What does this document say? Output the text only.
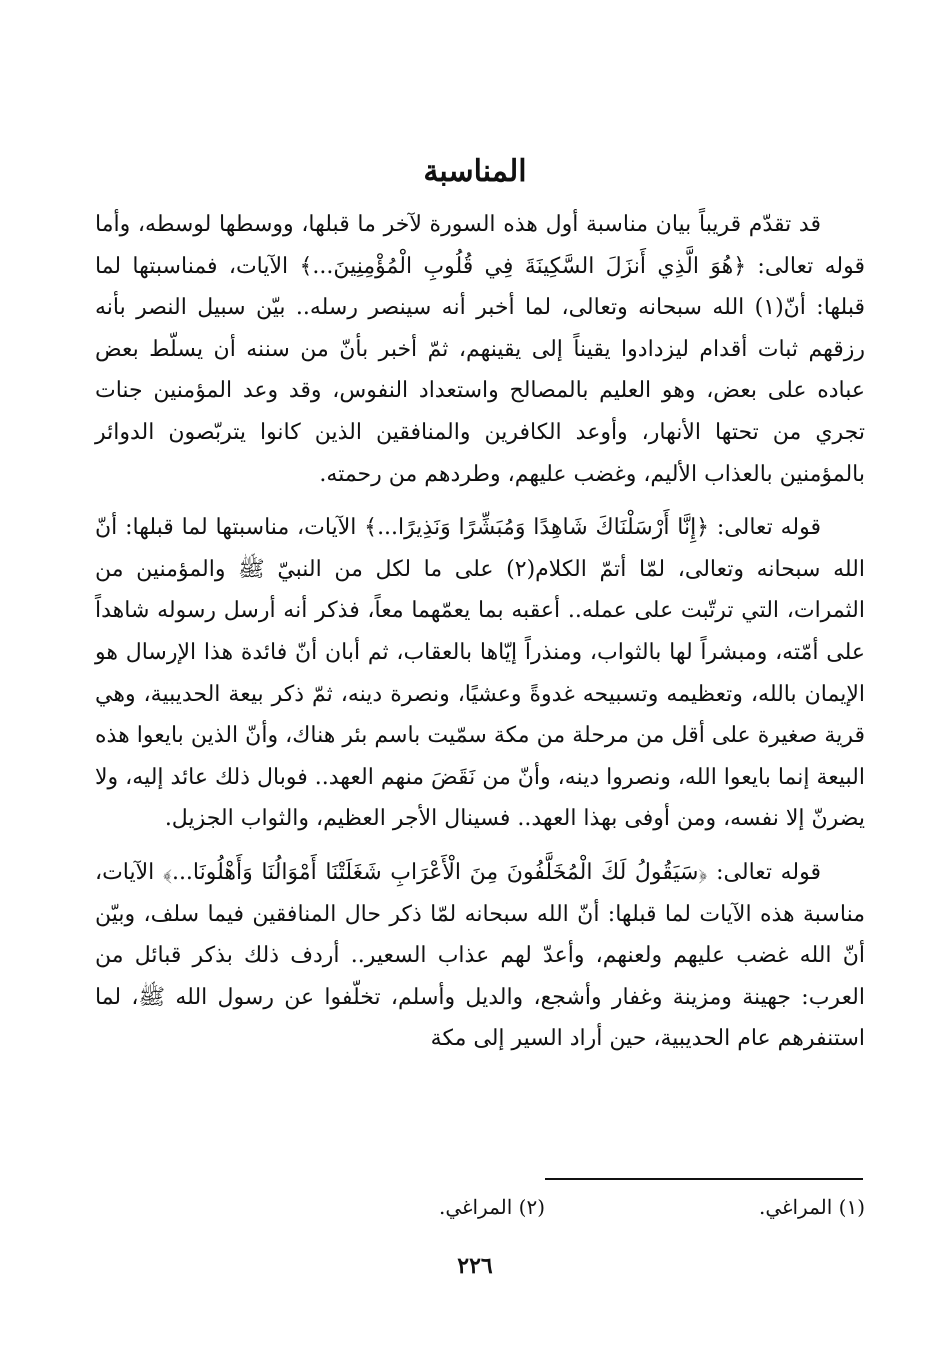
المناسبة

قد تقدّم قريباً بيان مناسبة أول هذه السورة لآخر ما قبلها، ووسطها لوسطه، وأما قوله تعالى: ﴿هُوَ الَّذِي أَنزَلَ السَّكِينَةَ فِي قُلُوبِ الْمُؤْمِنِينَ...﴾ الآيات، فمناسبتها لما قبلها: أنّ(١) الله سبحانه وتعالى، لما أخبر أنه سينصر رسله.. بيّن سبيل النصر بأنه رزقهم ثبات أقدام ليزدادوا يقيناً إلى يقينهم، ثمّ أخبر بأنّ من سننه أن يسلّط بعض عباده على بعض، وهو العليم بالمصالح واستعداد النفوس، وقد وعد المؤمنين جنات تجري من تحتها الأنهار، وأوعد الكافرين والمنافقين الذين كانوا يتربّصون الدوائر بالمؤمنين بالعذاب الأليم، وغضب عليهم، وطردهم من رحمته.

قوله تعالى: ﴿إِنَّا أَرْسَلْنَاكَ شَاهِدًا وَمُبَشِّرًا وَنَذِيرًا...﴾ الآيات، مناسبتها لما قبلها: أنّ الله سبحانه وتعالى، لمّا أتمّ الكلام(٢) على ما لكل من النبيّ ﷺ والمؤمنين من الثمرات، التي ترتّبت على عمله.. أعقبه بما يعمّهما معاً، فذكر أنه أرسل رسوله شاهداً على أمّته، ومبشراً لها بالثواب، ومنذراً إيّاها بالعقاب، ثم أبان أنّ فائدة هذا الإرسال هو الإيمان بالله، وتعظيمه وتسبيحه غدوةً وعشيًا، ونصرة دينه، ثمّ ذكر بيعة الحديبية، وهي قرية صغيرة على أقل من مرحلة من مكة سمّيت باسم بئر هناك، وأنّ الذين بايعوا هذه البيعة إنما بايعوا الله، ونصروا دينه، وأنّ من نَقَضَ منهم العهد.. فوبال ذلك عائد إليه، ولا يضرنّ إلا نفسه، ومن أوفى بهذا العهد.. فسينال الأجر العظيم، والثواب الجزيل.

قوله تعالى: ﴿سَيَقُولُ لَكَ الْمُخَلَّفُونَ مِنَ الْأَعْرَابِ شَغَلَتْنَا أَمْوَالُنَا وَأَهْلُونَا...﴾ الآيات، مناسبة هذه الآيات لما قبلها: أنّ الله سبحانه لمّا ذكر حال المنافقين فيما سلف، وبيّن أنّ الله غضب عليهم ولعنهم، وأعدّ لهم عذاب السعير.. أردف ذلك بذكر قبائل من العرب: جهينة ومزينة وغفار وأشجع، والديل وأسلم، تخلّفوا عن رسول الله ﷺ، لما استنفرهم عام الحديبية، حين أراد السير إلى مكة

(١) المراغي.
(٢) المراغي.
٢٢٦
